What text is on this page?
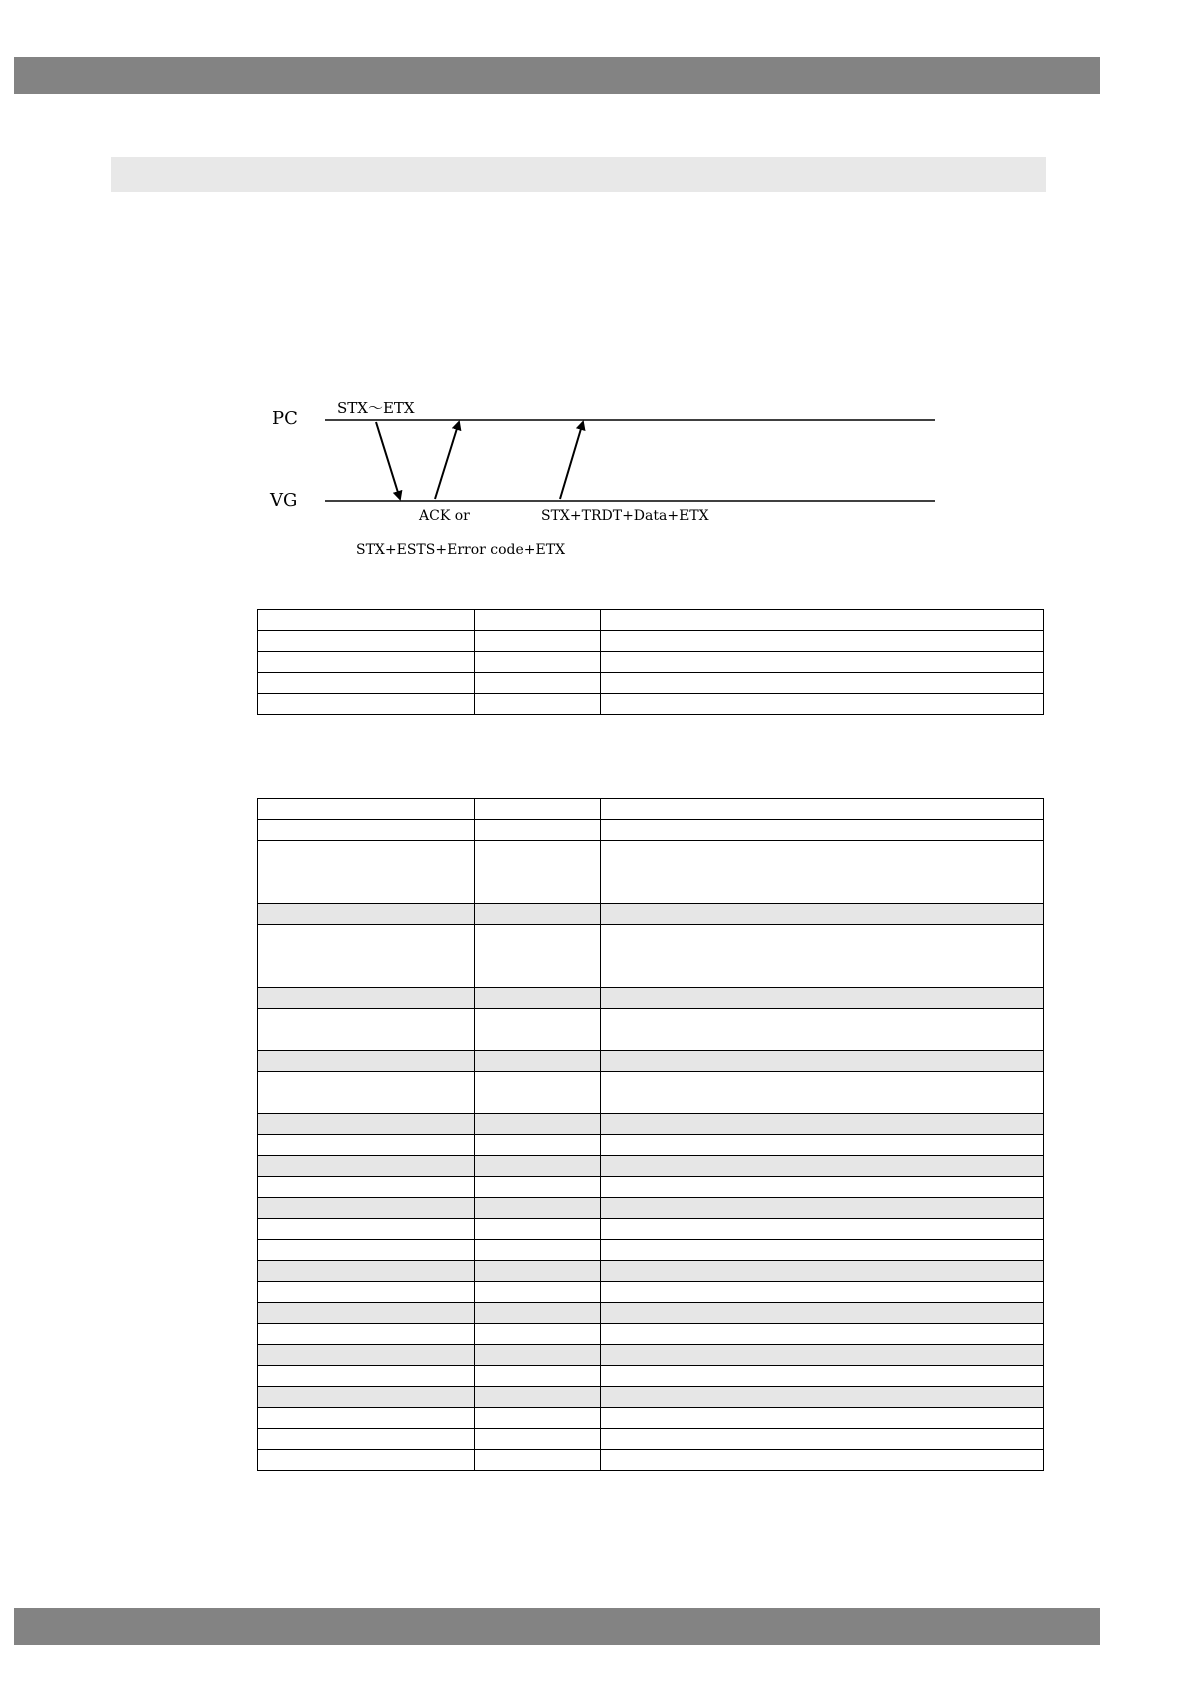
PC
VG
STX～ETX
ACK or	STX+TRDT+Data+ETX
STX+ESTS+Error code+ETX
